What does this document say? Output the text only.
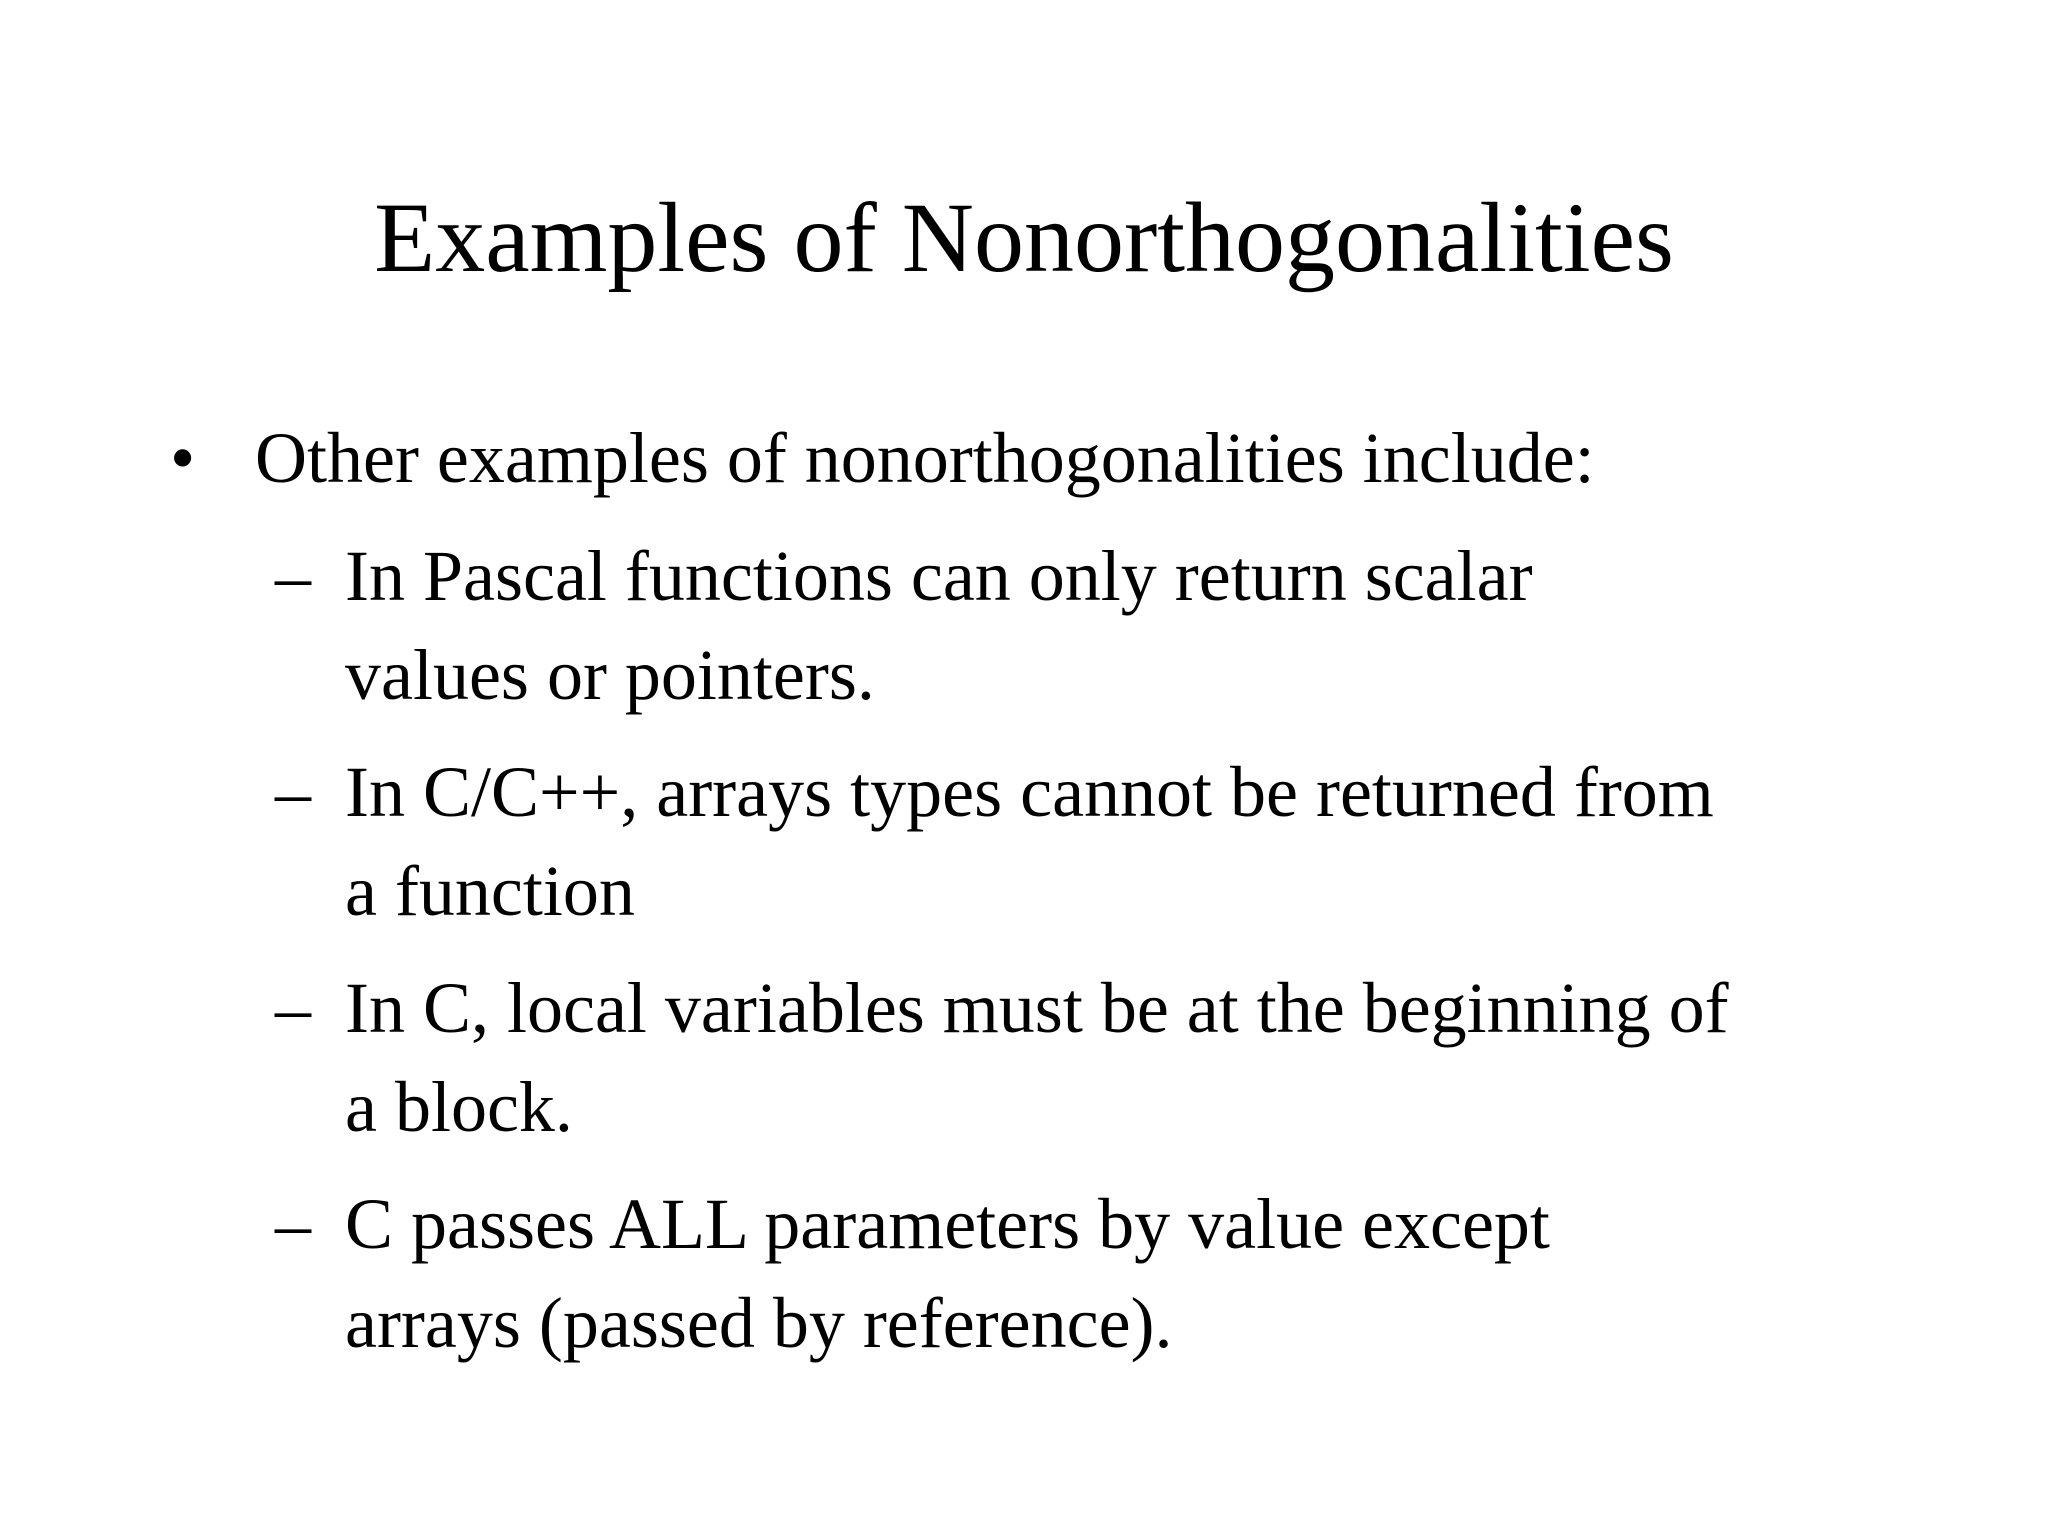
Examples of Nonorthogonalities
• Other examples of nonorthogonalities include:
– In Pascal functions can only return scalar
values or pointers.
– In C/C++, arrays types cannot be returned from
a function
– In C, local variables must be at the beginning of
a block.
– C passes ALL parameters by value except
arrays (passed by reference).
